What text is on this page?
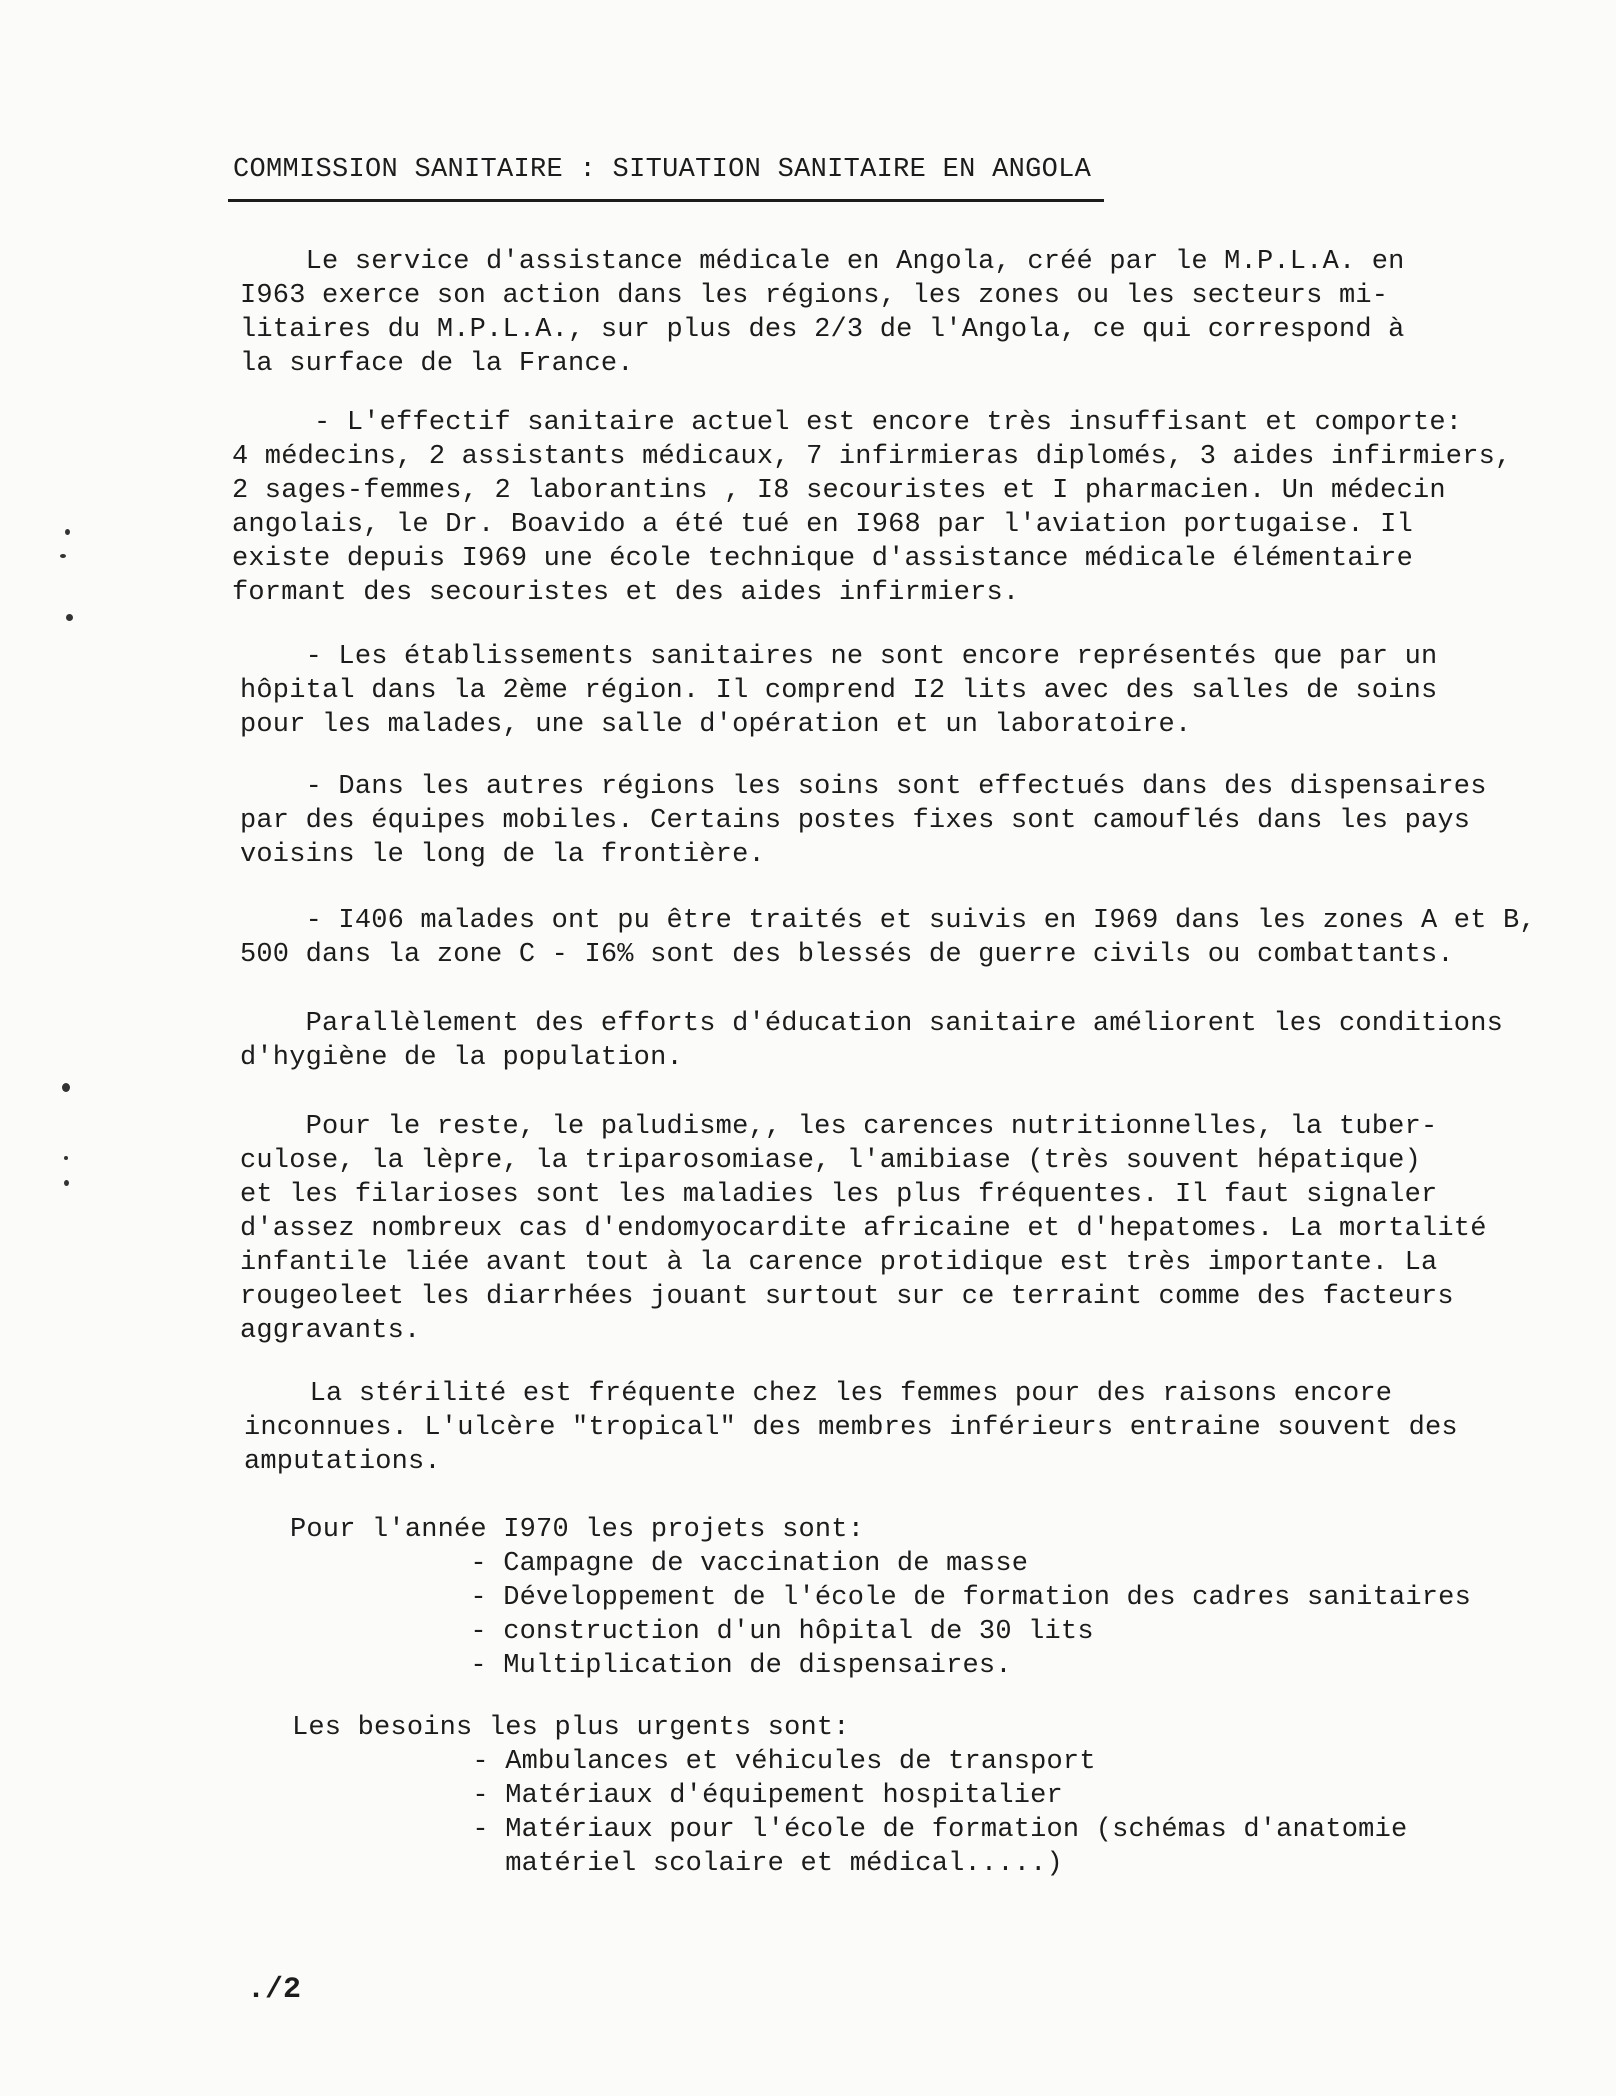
COMMISSION SANITAIRE : SITUATION SANITAIRE EN ANGOLA
Le service d'assistance médicale en Angola, créé par le M.P.L.A. en
I963 exerce son action dans les régions, les zones ou les secteurs mi-
litaires du M.P.L.A., sur plus des 2/3 de l'Angola, ce qui correspond à
la surface de la France.
- L'effectif sanitaire actuel est encore très insuffisant et comporte:
4 médecins, 2 assistants médicaux, 7 infirmieras diplomés, 3 aides infirmiers,
2 sages-femmes, 2 laborantins , I8 secouristes et I pharmacien. Un médecin
angolais, le Dr. Boavido a été tué en I968 par l'aviation portugaise. Il
existe depuis I969 une école technique d'assistance médicale élémentaire
formant des secouristes et des aides infirmiers.
- Les établissements sanitaires ne sont encore représentés que par un
hôpital dans la 2ème région. Il comprend I2 lits avec des salles de soins
pour les malades, une salle d'opération et un laboratoire.
- Dans les autres régions les soins sont effectués dans des dispensaires
par des équipes mobiles. Certains postes fixes sont camouflés dans les pays
voisins le long de la frontière.
- I406 malades ont pu être traités et suivis en I969 dans les zones A et B,
500 dans la zone C - I6% sont des blessés de guerre civils ou combattants.
Parallèlement des efforts d'éducation sanitaire améliorent les conditions
d'hygiène de la population.
Pour le reste, le paludisme,, les carences nutritionnelles, la tuber-
culose, la lèpre, la triparosomiase, l'amibiase (très souvent hépatique)
et les filarioses sont les maladies les plus fréquentes. Il faut signaler
d'assez nombreux cas d'endomyocardite africaine et d'hepatomes. La mortalité
infantile liée avant tout à la carence protidique est très importante. La
rougeoleet les diarrhées jouant surtout sur ce terraint comme des facteurs
aggravants.
La stérilité est fréquente chez les femmes pour des raisons encore
inconnues. L'ulcère "tropical" des membres inférieurs entraine souvent des
amputations.
Pour l'année I970 les projets sont:
- Campagne de vaccination de masse
- Développement de l'école de formation des cadres sanitaires
- construction d'un hôpital de 30 lits
- Multiplication de dispensaires.
Les besoins les plus urgents sont:
- Ambulances et véhicules de transport
- Matériaux d'équipement hospitalier
- Matériaux pour l'école de formation (schémas d'anatomie
matériel scolaire et médical.....)
./2
